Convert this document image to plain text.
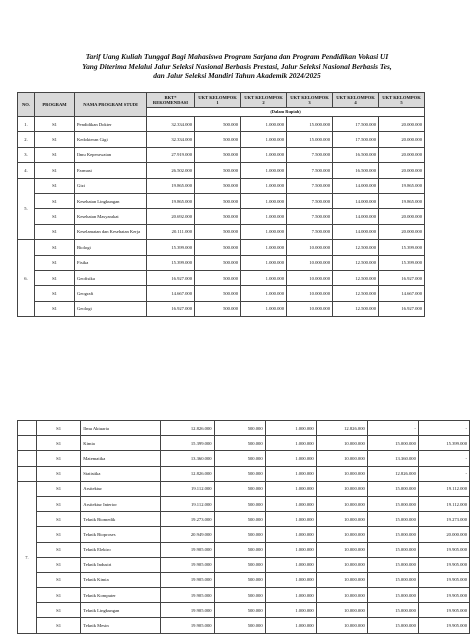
Tarif Uang Kuliah Tunggal Bagi Mahasiswa Program Sarjana dan Program Pendidikan Vokasi UI
Yang Diterima Melalui Jalur Seleksi Nasional Berbasis Prestasi, Jalur Seleksi Nasional Berbasis Tes,
dan Jalur Seleksi Mandiri Tahun Akademik 2024/2025
NO.	PROGRAM	NAMA PROGRAM STUDI	BKT* REKOMENDASI	UKT KELOMPOK 1	UKT KELOMPOK 2	UKT KELOMPOK 3	UKT KELOMPOK 4	UKT KELOMPOK 5
			(Dalam Rupiah)					
1.	S1	Pendidikan Dokter	32.334.000	500.000	1.000.000	15.000.000	17.500.000	20.000.000
2.	S1	Kedokteran Gigi	32.334.000	500.000	1.000.000	15.000.000	17.500.000	20.000.000
3.	S1	Ilmu Keperawatan	27.919.000	500.000	1.000.000	7.500.000	16.500.000	20.000.000
4.	S1	Farmasi	26.502.000	500.000	1.000.000	7.500.000	16.500.000	20.000.000
5.	S1	Gizi	19.865.000	500.000	1.000.000	7.500.000	14.000.000	19.865.000
	S1	Kesehatan Lingkungan	19.865.000	500.000	1.000.000	7.500.000	14.000.000	19.865.000
	S1	Kesehatan Masyarakat	20.692.000	500.000	1.000.000	7.500.000	14.000.000	20.000.000
	S1	Keselamatan dan Kesehatan Kerja	20.111.000	500.000	1.000.000	7.500.000	14.000.000	20.000.000
6.	S1	Biologi	15.399.000	500.000	1.000.000	10.000.000	12.500.000	15.399.000
	S1	Fisika	15.399.000	500.000	1.000.000	10.000.000	12.500.000	15.399.000
	S1	Geofisika	16.927.000	500.000	1.000.000	10.000.000	12.500.000	16.927.000
	S1	Geografi	14.667.000	500.000	1.000.000	10.000.000	12.500.000	14.667.000
	S1	Geologi	16.927.000	500.000	1.000.000	10.000.000	12.500.000	16.927.000
	S1	Ilmu Aktuaria	12.826.000	500.000	1.000.000	12.826.000	-	-
	S1	Kimia	15.399.000	500.000	1.000.000	10.000.000	15.000.000	15.399.000
	S1	Matematika	13.360.000	500.000	1.000.000	10.000.000	13.360.000	-
	S1	Statistika	12.826.000	500.000	1.000.000	10.000.000	12.826.000	-
7.	S1	Arsitektur	19.112.000	500.000	1.000.000	10.000.000	15.000.000	19.112.000
	S1	Arsitektur Interior	19.112.000	500.000	1.000.000	10.000.000	15.000.000	19.112.000
	S1	Teknik Biomedik	19.273.000	500.000	1.000.000	10.000.000	15.000.000	19.273.000
	S1	Teknik Bioproses	20.949.000	500.000	1.000.000	10.000.000	15.000.000	20.000.000
	S1	Teknik Elektro	19.905.000	500.000	1.000.000	10.000.000	15.000.000	19.905.000
	S1	Teknik Industri	19.905.000	500.000	1.000.000	10.000.000	15.000.000	19.905.000
	S1	Teknik Kimia	19.905.000	500.000	1.000.000	10.000.000	15.000.000	19.905.000
	S1	Teknik Komputer	19.905.000	500.000	1.000.000	10.000.000	15.000.000	19.905.000
	S1	Teknik Lingkungan	19.905.000	500.000	1.000.000	10.000.000	15.000.000	19.905.000
	S1	Teknik Mesin	19.905.000	500.000	1.000.000	10.000.000	15.000.000	19.905.000
